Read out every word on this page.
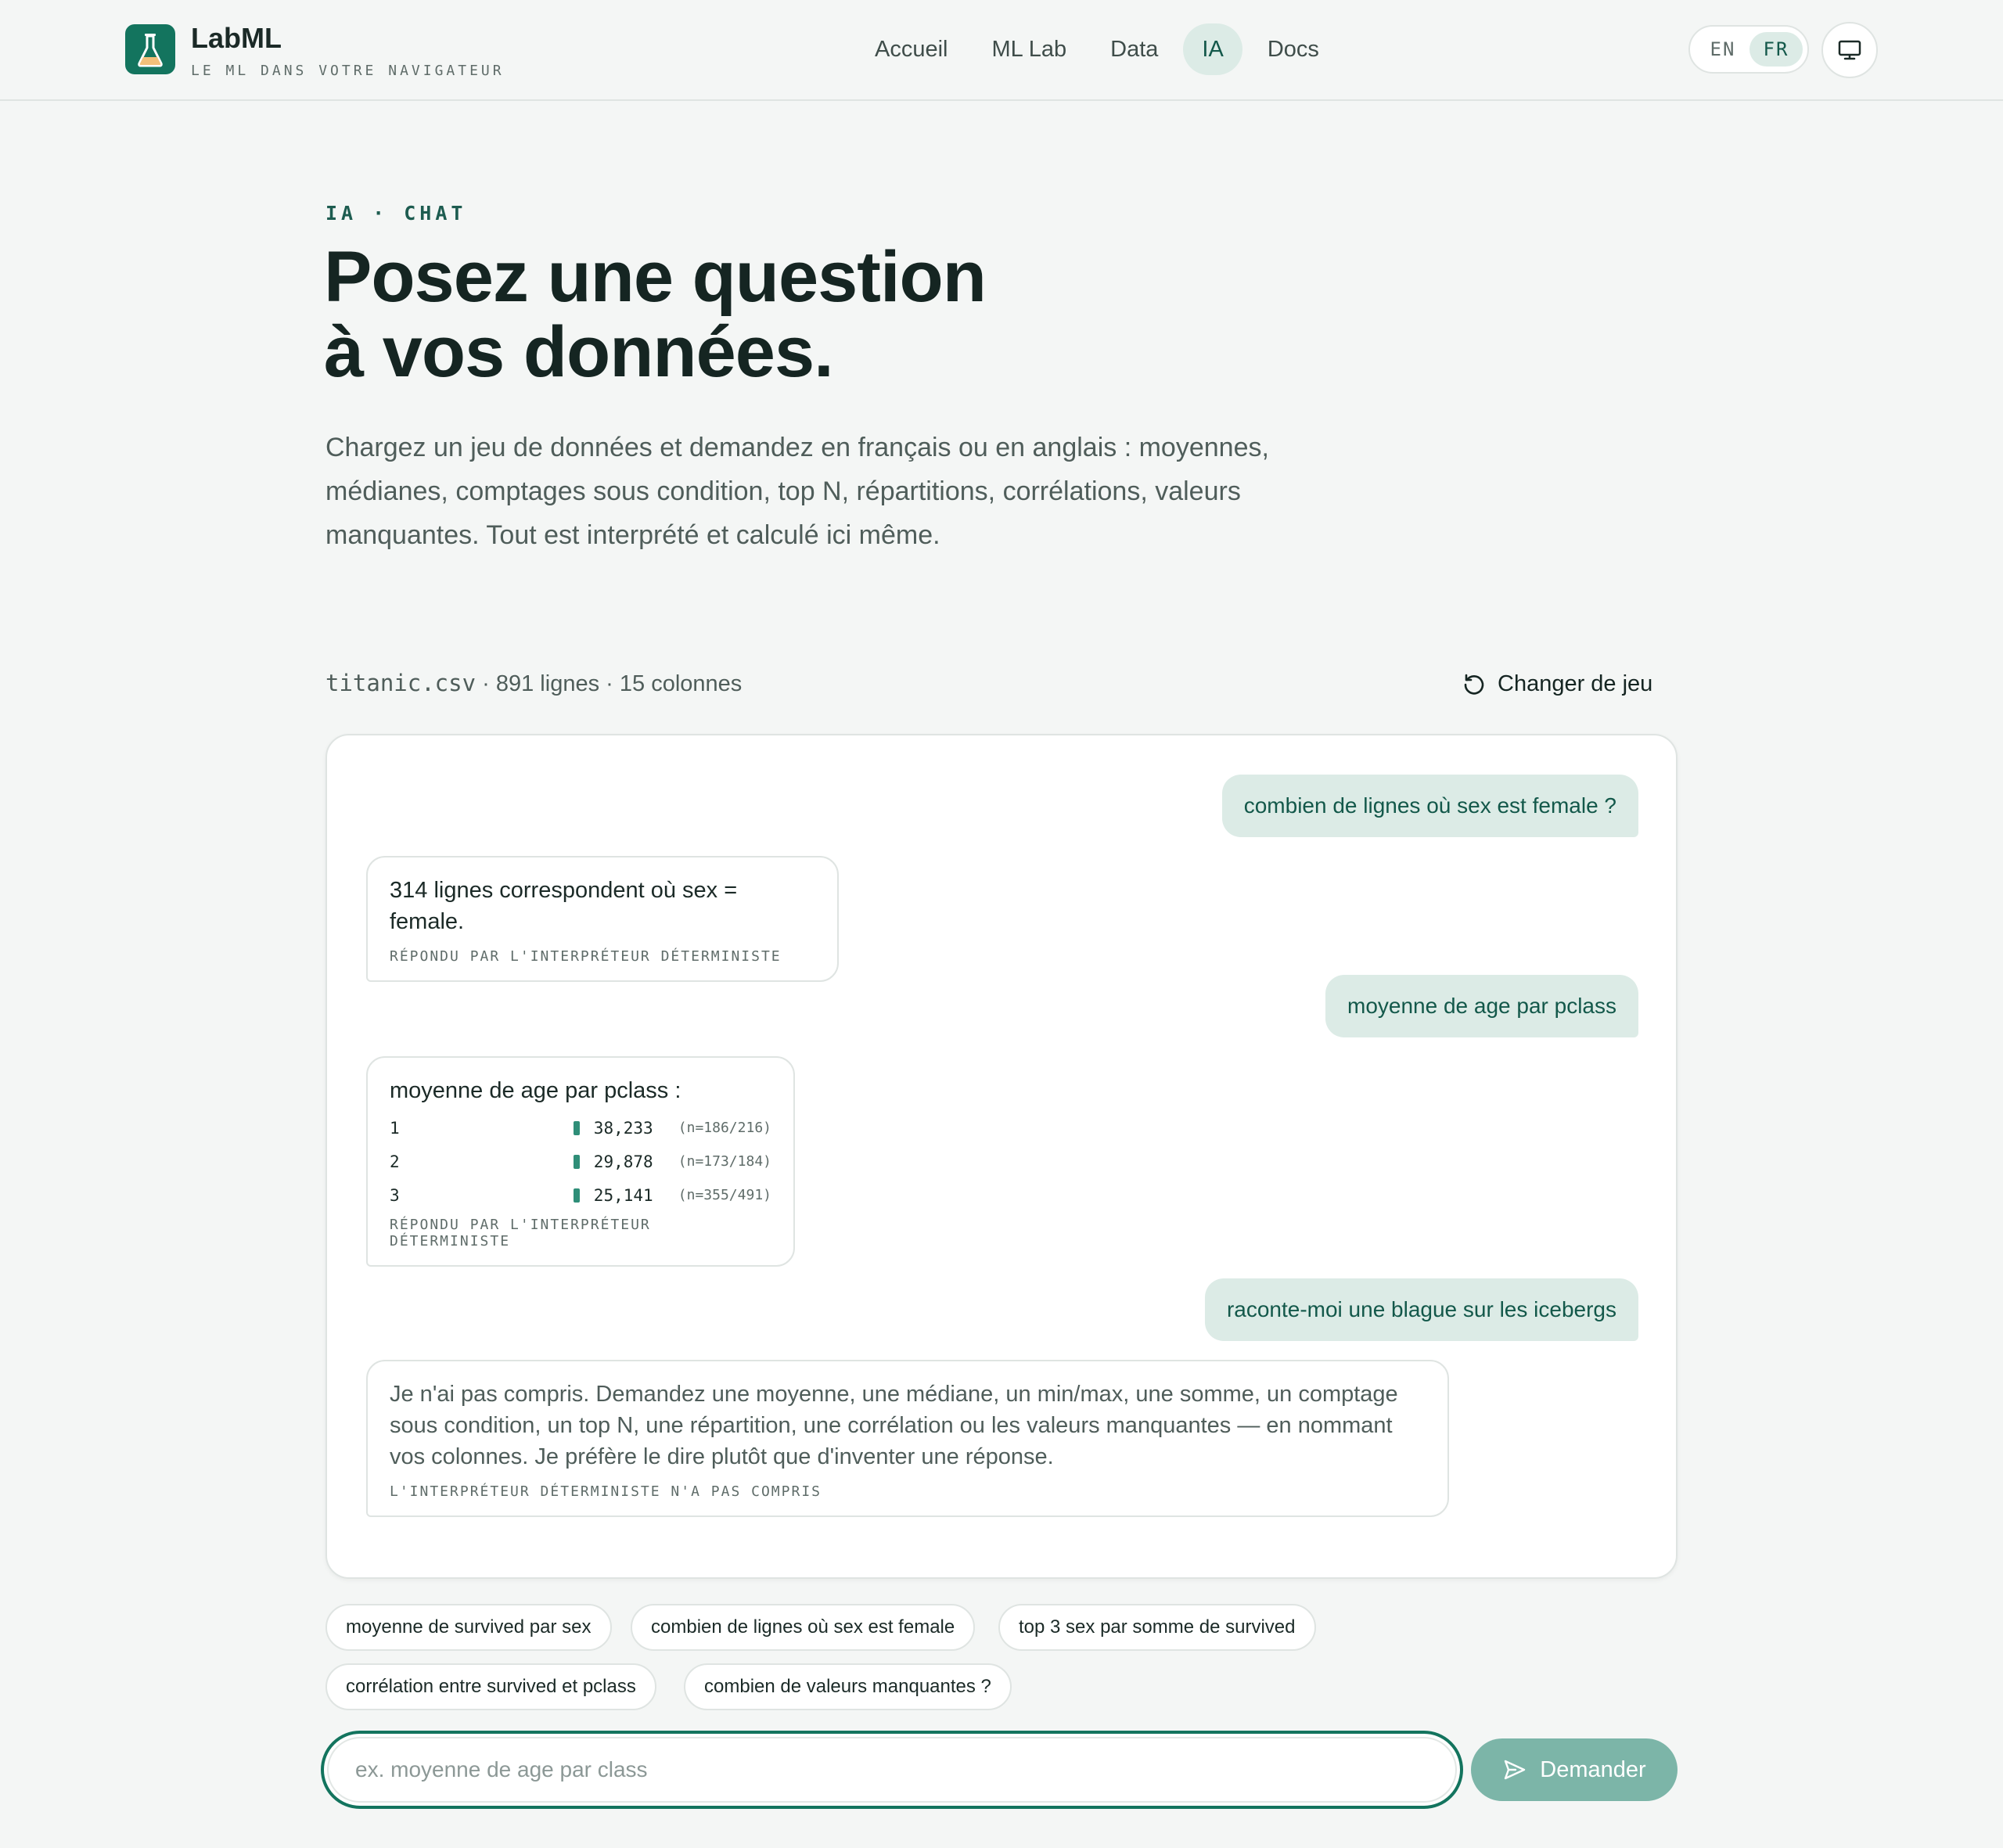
LabML
LE ML DANS VOTRE NAVIGATEUR
Accueil	ML Lab	Data	IA	Docs	EN	FR
IA · CHAT
Posez une question
à vos données.
Chargez un jeu de données et demandez en français ou en anglais : moyennes, médianes, comptages sous condition, top N, répartitions, corrélations, valeurs manquantes. Tout est interprété et calculé ici même.
titanic.csv · 891 lignes · 15 colonnes	Changer de jeu
combien de lignes où sex est female ?
314 lignes correspondent où sex = female.
RÉPONDU PAR L'INTERPRÉTEUR DÉTERMINISTE
moyenne de age par pclass
moyenne de age par pclass :
1	38,233	(n=186/216)
2	29,878	(n=173/184)
3	25,141	(n=355/491)
RÉPONDU PAR L'INTERPRÉTEUR DÉTERMINISTE
raconte-moi une blague sur les icebergs
Je n'ai pas compris. Demandez une moyenne, une médiane, un min/max, une somme, un comptage sous condition, un top N, une répartition, une corrélation ou les valeurs manquantes — en nommant vos colonnes. Je préfère le dire plutôt que d'inventer une réponse.
L'INTERPRÉTEUR DÉTERMINISTE N'A PAS COMPRIS
moyenne de survived par sex	combien de lignes où sex est female	top 3 sex par somme de survived
corrélation entre survived et pclass	combien de valeurs manquantes ?
ex. moyenne de age par class
Demander
